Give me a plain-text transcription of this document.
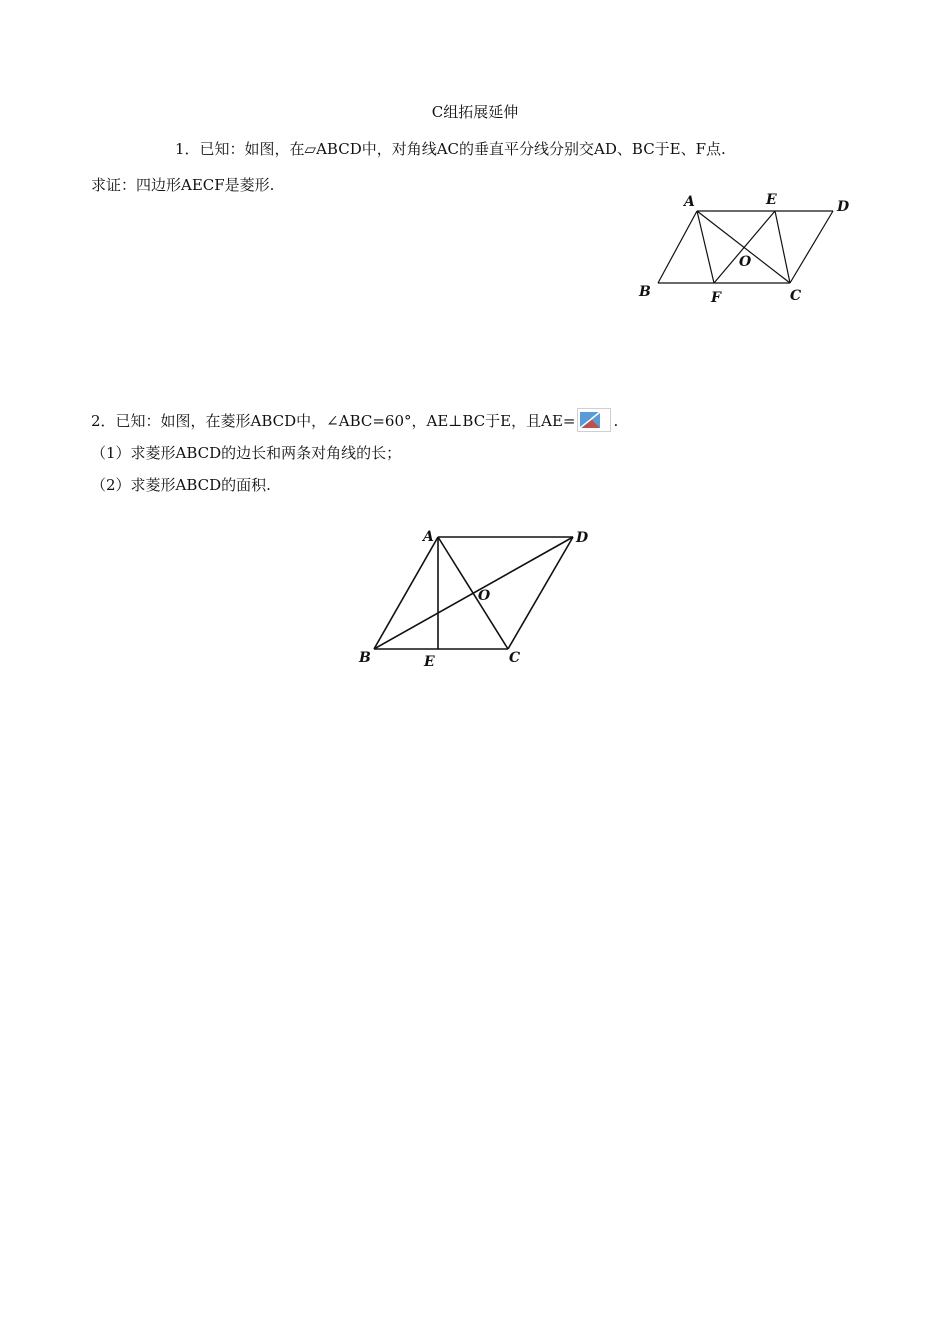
C组拓展延伸
1．已知：如图，在▱ABCD中，对角线AC的垂直平分线分别交AD、BC于E、F点.
求证：四边形AECF是菱形.
A	E	D
O
B	F	C
2．已知：如图，在菱形ABCD中，∠ABC=60°，AE⊥BC于E，且AE=	.
（1）求菱形ABCD的边长和两条对角线的长；
（2）求菱形ABCD的面积.
A	D
O
B	E	C
